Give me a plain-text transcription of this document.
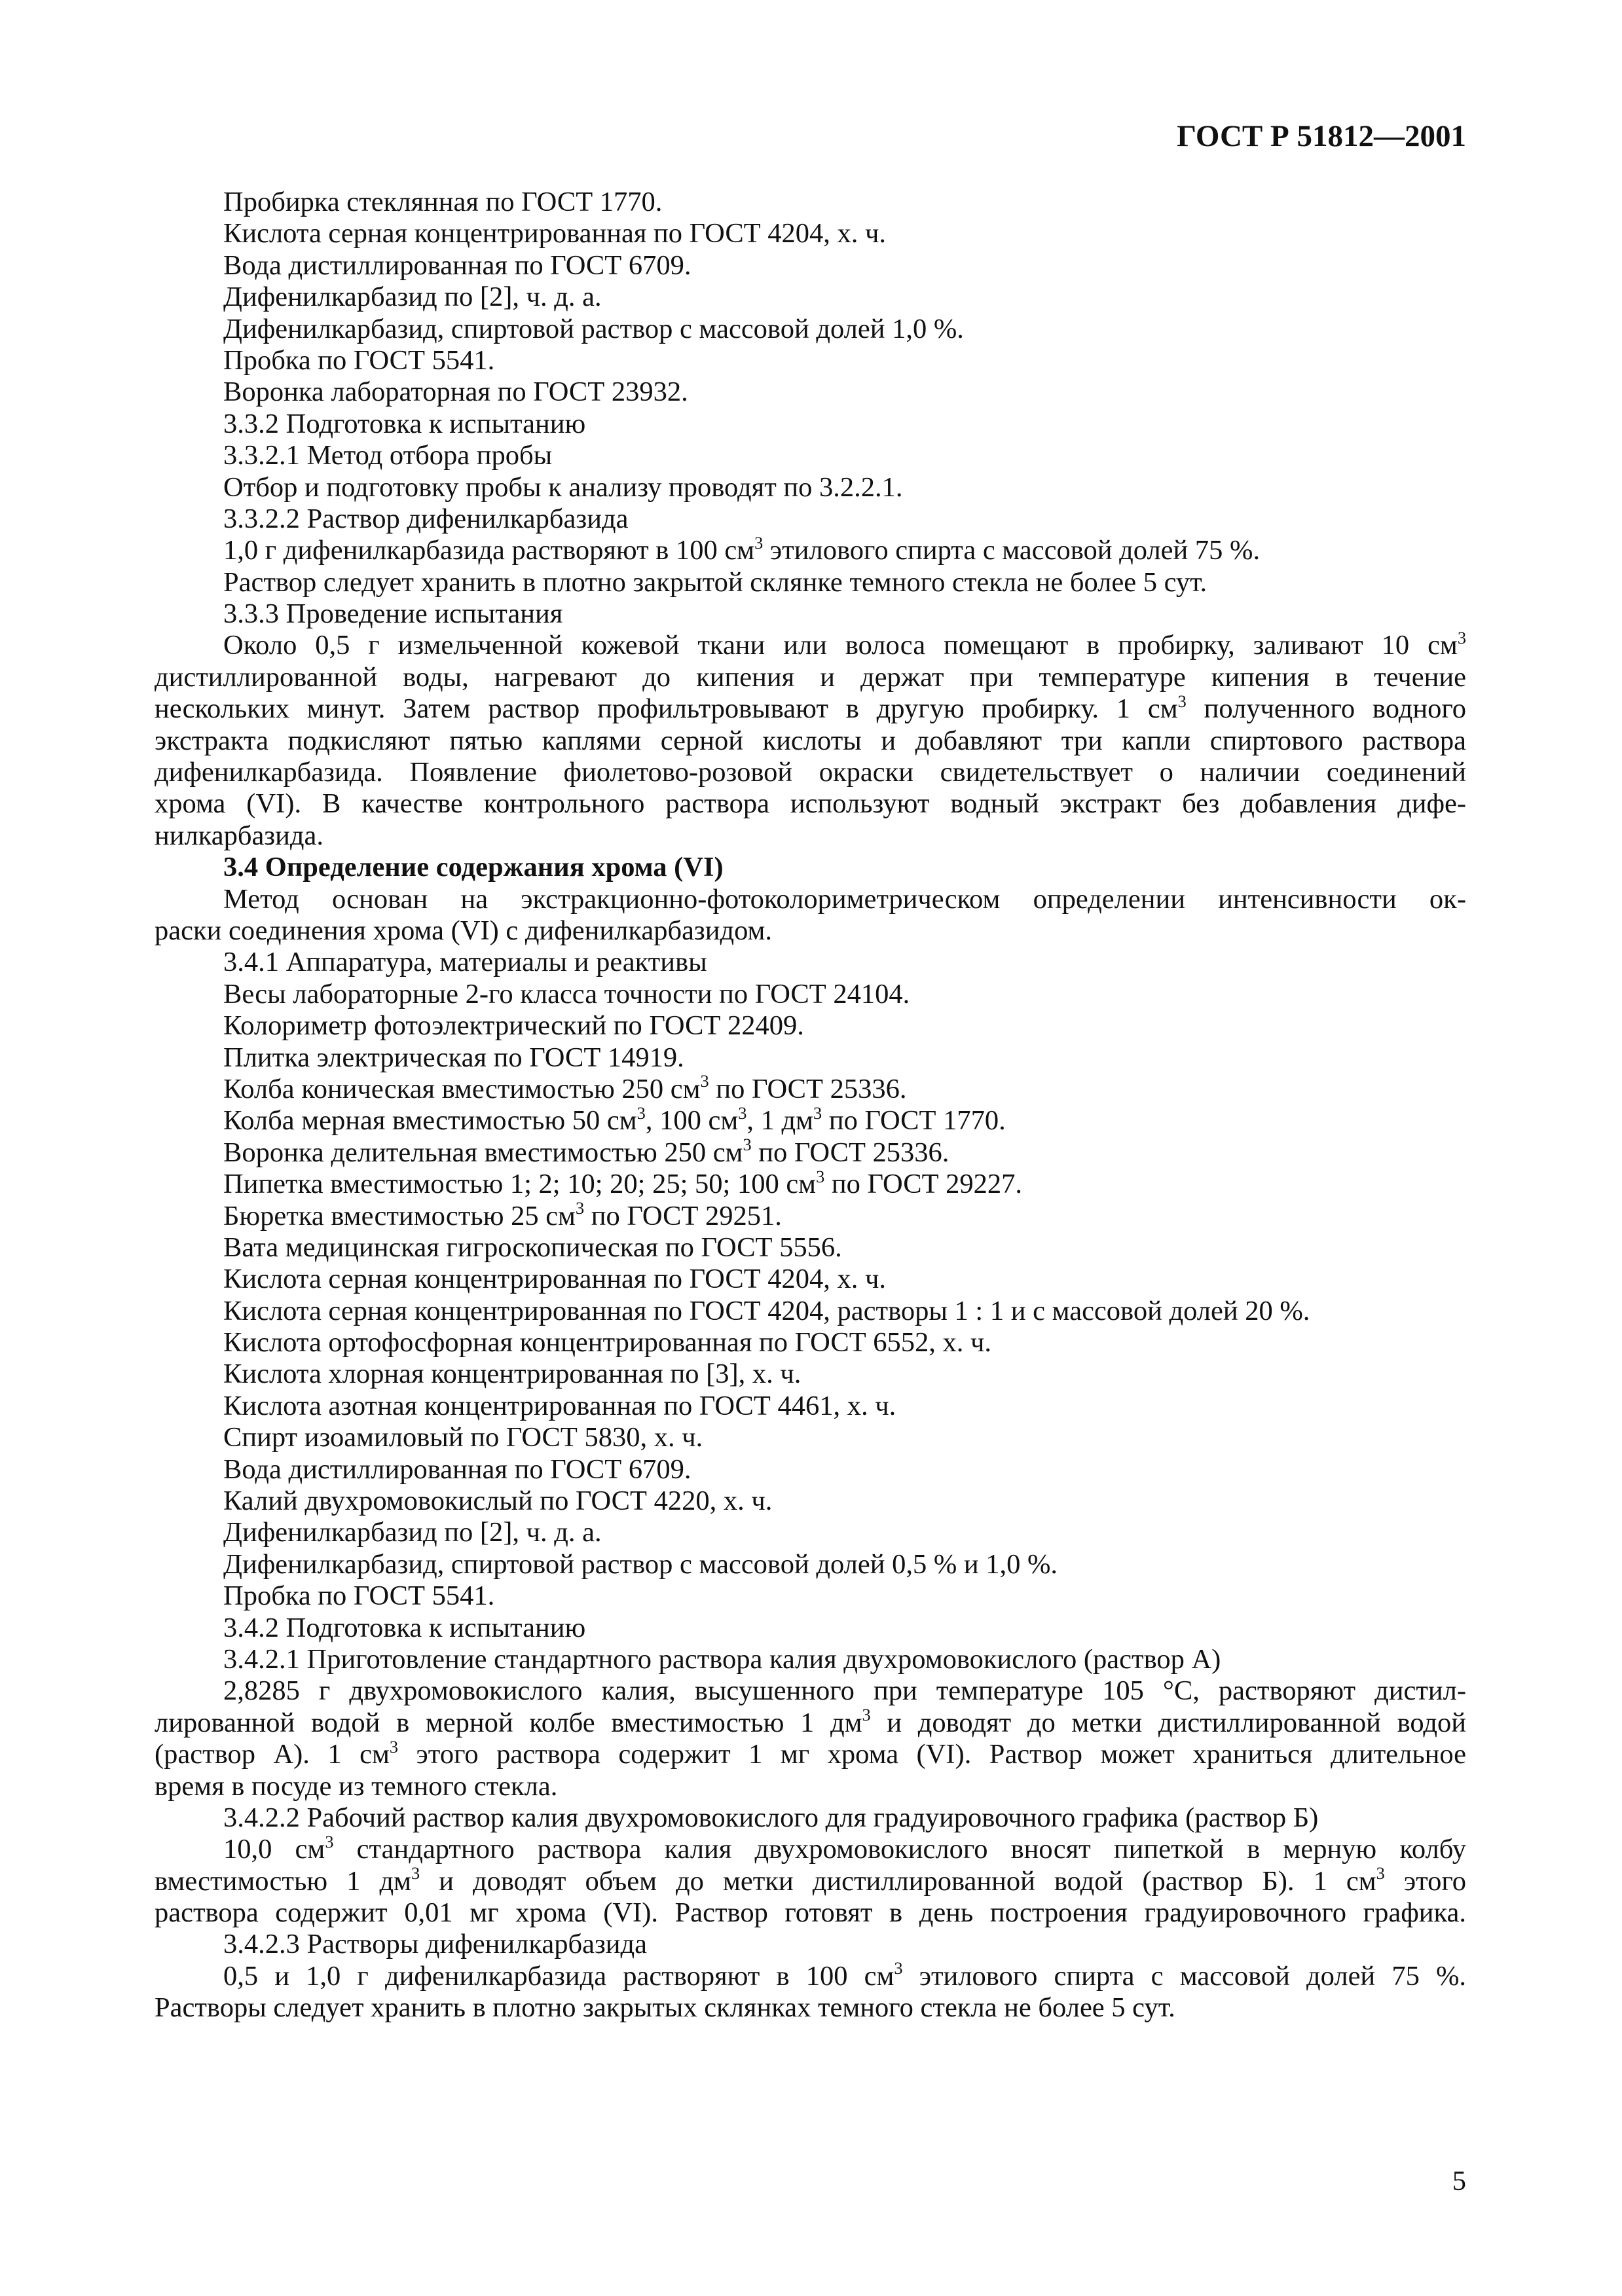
ГОСТ Р 51812—2001
Пробирка стеклянная по ГОСТ 1770.
Кислота серная концентрированная по ГОСТ 4204, х. ч.
Вода дистиллированная по ГОСТ 6709.
Дифенилкарбазид по [2], ч. д. а.
Дифенилкарбазид, спиртовой раствор с массовой долей 1,0 %.
Пробка по ГОСТ 5541.
Воронка лабораторная по ГОСТ 23932.
3.3.2 Подготовка к испытанию
3.3.2.1 Метод отбора пробы
Отбор и подготовку пробы к анализу проводят по 3.2.2.1.
3.3.2.2 Раствор дифенилкарбазида
1,0 г дифенилкарбазида растворяют в 100 $см^3$ этилового спирта с массовой долей 75 %.
Раствор следует хранить в плотно закрытой склянке темного стекла не более 5 сут.
3.3.3 Проведение испытания
Около 0,5 г измельченной кожевой ткани или волоса помещают в пробирку, заливают 10 $см^3$
дистиллированной воды, нагревают до кипения и держат при температуре кипения в течение
нескольких минут. Затем раствор профильтровывают в другую пробирку. 1 $см^3$ полученного водного
экстракта подкисляют пятью каплями серной кислоты и добавляют три капли спиртового раствора
дифенилкарбазида. Появление фиолетово-розовой окраски свидетельствует о наличии соединений
хрома (VI). В качестве контрольного раствора используют водный экстракт без добавления дифе-
нилкарбазида.
3.4 Определение содержания хрома (VI)
Метод основан на экстракционно-фотоколориметрическом определении интенсивности ок-
раски соединения хрома (VI) с дифенилкарбазидом.
3.4.1 Аппаратура, материалы и реактивы
Весы лабораторные 2-го класса точности по ГОСТ 24104.
Колориметр фотоэлектрический по ГОСТ 22409.
Плитка электрическая по ГОСТ 14919.
Колба коническая вместимостью 250 $см^3$ по ГОСТ 25336.
Колба мерная вместимостью 50 $см^3$, 100 $см^3$, 1 $дм^3$ по ГОСТ 1770.
Воронка делительная вместимостью 250 $см^3$ по ГОСТ 25336.
Пипетка вместимостью 1; 2; 10; 20; 25; 50; 100 $см^3$ по ГОСТ 29227.
Бюретка вместимостью 25 $см^3$ по ГОСТ 29251.
Вата медицинская гигроскопическая по ГОСТ 5556.
Кислота серная концентрированная по ГОСТ 4204, х. ч.
Кислота серная концентрированная по ГОСТ 4204, растворы 1 : 1 и с массовой долей 20 %.
Кислота ортофосфорная концентрированная по ГОСТ 6552, х. ч.
Кислота хлорная концентрированная по [3], х. ч.
Кислота азотная концентрированная по ГОСТ 4461, х. ч.
Спирт изоамиловый по ГОСТ 5830, х. ч.
Вода дистиллированная по ГОСТ 6709.
Калий двухромовокислый по ГОСТ 4220, х. ч.
Дифенилкарбазид по [2], ч. д. а.
Дифенилкарбазид, спиртовой раствор с массовой долей 0,5 % и 1,0 %.
Пробка по ГОСТ 5541.
3.4.2 Подготовка к испытанию
3.4.2.1 Приготовление стандартного раствора калия двухромовокислого (раствор А)
2,8285 г двухромовокислого калия, высушенного при температуре 105 °С, растворяют дистил-
лированной водой в мерной колбе вместимостью 1 $дм^3$ и доводят до метки дистиллированной водой
(раствор А). 1 $см^3$ этого раствора содержит 1 мг хрома (VI). Раствор может храниться длительное
время в посуде из темного стекла.
3.4.2.2 Рабочий раствор калия двухромовокислого для градуировочного графика (раствор Б)
10,0 $см^3$ стандартного раствора калия двухромовокислого вносят пипеткой в мерную колбу
вместимостью 1 $дм^3$ и доводят объем до метки дистиллированной водой (раствор Б). 1 $см^3$ этого
раствора содержит 0,01 мг хрома (VI). Раствор готовят в день построения градуировочного графика.
3.4.2.3 Растворы дифенилкарбазида
0,5 и 1,0 г дифенилкарбазида растворяют в 100 $см^3$ этилового спирта с массовой долей 75 %.
Растворы следует хранить в плотно закрытых склянках темного стекла не более 5 сут.
5
